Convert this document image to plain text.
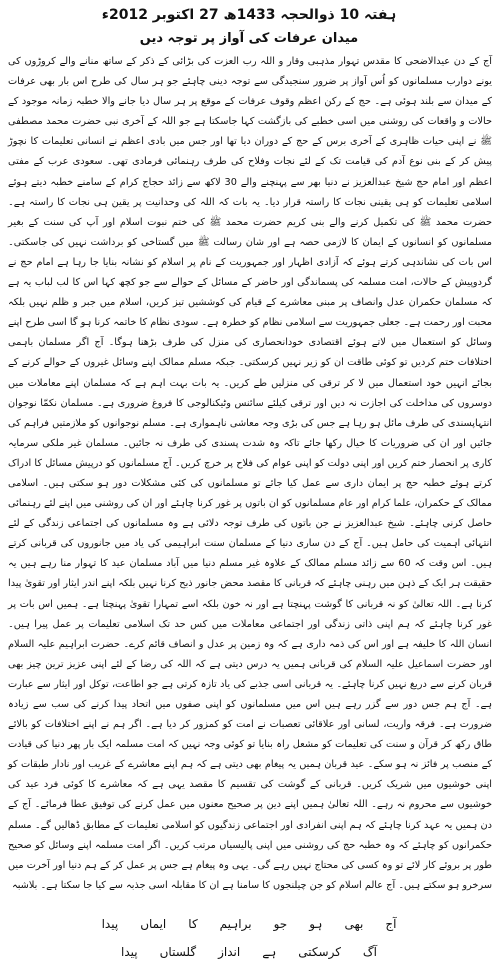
ہفتہ 10 ذوالحجہ 1433ھ 27 اکتوبر 2012ء
میدان عرفات کی آواز پر توجہ دیں

آج کے دن عیدالاضحی کا مقدس تہوار مذہبی وقار و اللہ رب العزت کی بڑائی کے ذکر کے ساتھ منانے والے کروڑوں کی یونے دوارب مسلمانوں کو اُس آواز پر ضرور سنجیدگی سے توجہ دینی چاہئے جو ہر سال کی طرح اس بار بھی عرفات کے میدان سے بلند ہوئی ہے۔ حج کے رکن اعظم وقوف عرفات کے موقع پر ہر سال دیا جانے والا خطبہ زمانہ موجود کے حالات و واقعات کی روشنی میں اسی خطبے کی بازگشت کہا جاسکتا ہے جو اللہ کے آخری نبی حضرت محمد مصطفی ﷺ نے اپنی حیات ظاہری کے آخری برس کے حج کے دوران دیا تھا اور جس میں بادی اعظم نے انسانی تعلیمات کا نچوڑ پیش کر کے بنی نوع آدم کی قیامت تک کے لئے نجات وفلاح کی طرف رہنمائی فرمادی تھی۔ سعودی عرب کے مفتی اعظم اور امام حج شیخ عبدالعزیز نے دنیا بھر سے پہنچنے والے 30 لاکھ سے زائد حجاج کرام کے سامنے خطبہ دیتے ہوئے اسلامی تعلیمات کو ہی یقینی نجات کا راستہ قرار دیا۔ یہ بات کہ اللہ کی وحدانیت پر یقین ہی نجات کا راستہ ہے۔ حضرت محمد ﷺ کی تکمیل کرنے والے بنی کریم حضرت محمد ﷺ کی ختم نبوت اسلام اور آپ کی سنت کے بغیر مسلمانوں کو انسانوں کے ایمان کا لازمی حصہ ہے اور شان رسالت ﷺ میں گستاخی کو برداشت نہیں کی جاسکتی۔ اس بات کی نشاندہی کرتے ہوئے کہ آزادی اظہار اور جمہوریت کے نام پر اسلام کو نشانہ بنایا جا رہا ہے امام حج نے گردوپیش کے حالات، امت مسلمہ کی پسماندگی اور حاضر کے مسائل کے حوالے سے جو کچھ کہا اس کا لب لباب یہ ہے کہ مسلمان حکمران عدل وانصاف پر مبنی معاشرے کے قیام کی کوششیں تیز کریں، اسلام میں جبر و ظلم نہیں بلکہ محبت اور رحمت ہے۔ جعلی جمہوریت سے اسلامی نظام کو خطرہ ہے۔ سودی نظام کا خاتمہ کرنا ہو گا اسی طرح اپنے وسائل کو استعمال میں لاتے ہوئے اقتصادی خودانحصاری کی منزل کی طرف بڑھنا ہوگا۔ آج اگر مسلمان باہمی اختلافات ختم کردیں تو کوئی طاقت ان کو زیر نہیں کرسکتی۔ جبکہ مسلم ممالک اپنے وسائل غیروں کے حوالے کرنے کے بجائے انہیں خود استعمال میں لا کر ترقی کی منزلیں طے کریں۔ یہ بات بہت اہم ہے کہ مسلمان اپنے معاملات میں دوسروں کی مداخلت کی اجازت نہ دیں اور ترقی کیلئے سائنس وٹیکنالوجی کا فروغ ضروری ہے۔ مسلمان نکمّا نوجوان انتہاپسندی کی طرف مائل ہو رہا ہے جس کی بڑی وجہ معاشی ناہمواری ہے۔ مسلم نوجوانوں کو ملازمتیں فراہم کی جائیں اور ان کی ضروریات کا خیال رکھا جائے تاکہ وہ شدت پسندی کی طرف نہ جائیں۔ مسلمان غیر ملکی سرمایہ کاری پر انحصار ختم کریں اور اپنی دولت کو اپنی عوام کی فلاح پر خرچ کریں۔ آج مسلمانوں کو درپیش مسائل کا ادراک کرتے ہوئے خطبہ حج پر ایمان داری سے عمل کیا جائے تو مسلمانوں کی کئی مشکلات دور ہو سکتی ہیں۔ اسلامی ممالک کے حکمران، علما کرام اور عام مسلمانوں کو ان باتوں پر غور کرنا چاہئے اور ان کی روشنی میں اپنے لئے رہنمائی حاصل کرنی چاہئے۔ شیخ عبدالعزیز نے جن باتوں کی طرف توجہ دلائی ہے وہ مسلمانوں کی اجتماعی زندگی کے لئے انتہائی اہمیت کی حامل ہیں۔ آج کے دن ساری دنیا کے مسلمان سنت ابراہیمی کی یاد میں جانوروں کی قربانی کرتے ہیں۔ اس وقت کہ 60 سے زائد مسلم ممالک کے علاوہ غیر مسلم دنیا میں آباد مسلمان عید کا تہوار منا رہے ہیں یہ حقیقت ہر ایک کے ذہن میں رہنی چاہئے کہ قربانی کا مقصد محض جانور ذبح کرنا نہیں بلکہ اپنے اندر ایثار اور تقویٰ پیدا کرنا ہے۔ اللہ تعالیٰ کو نہ قربانی کا گوشت پہنچتا ہے اور نہ خون بلکہ اسے تمہارا تقویٰ پہنچتا ہے۔ ہمیں اس بات پر غور کرنا چاہئے کہ ہم اپنی ذاتی زندگی اور اجتماعی معاملات میں کس حد تک اسلامی تعلیمات پر عمل پیرا ہیں۔ انسان اللہ کا خلیفہ ہے اور اس کی ذمہ داری ہے کہ وہ زمین پر عدل و انصاف قائم کرے۔ حضرت ابراہیم علیہ السلام اور حضرت اسماعیل علیہ السلام کی قربانی ہمیں یہ درس دیتی ہے کہ اللہ کی رضا کے لئے اپنی عزیز ترین چیز بھی قربان کرنے سے دریغ نہیں کرنا چاہئے۔ یہ قربانی اسی جذبے کی یاد تازہ کرتی ہے جو اطاعت، توکل اور ایثار سے عبارت ہے۔ آج ہم جس دور سے گزر رہے ہیں اس میں مسلمانوں کو اپنی صفوں میں اتحاد پیدا کرنے کی سب سے زیادہ ضرورت ہے۔ فرقہ واریت، لسانی اور علاقائی تعصبات نے امت کو کمزور کر دیا ہے۔ اگر ہم نے اپنے اختلافات کو بالائے طاق رکھ کر قرآن و سنت کی تعلیمات کو مشعل راہ بنایا تو کوئی وجہ نہیں کہ امت مسلمہ ایک بار پھر دنیا کی قیادت کے منصب پر فائز نہ ہو سکے۔ عید قربان ہمیں یہ پیغام بھی دیتی ہے کہ ہم اپنے معاشرے کے غریب اور نادار طبقات کو اپنی خوشیوں میں شریک کریں۔ قربانی کے گوشت کی تقسیم کا مقصد یہی ہے کہ معاشرے کا کوئی فرد عید کی خوشیوں سے محروم نہ رہے۔ اللہ تعالیٰ ہمیں اپنے دین پر صحیح معنوں میں عمل کرنے کی توفیق عطا فرمائے۔ آج کے دن ہمیں یہ عہد کرنا چاہئے کہ ہم اپنی انفرادی اور اجتماعی زندگیوں کو اسلامی تعلیمات کے مطابق ڈھالیں گے۔ مسلم حکمرانوں کو چاہئے کہ وہ خطبہ حج کی روشنی میں اپنی پالیسیاں مرتب کریں۔ اگر امت مسلمہ اپنے وسائل کو صحیح طور پر بروئے کار لائے تو وہ کسی کی محتاج نہیں رہے گی۔ یہی وہ پیغام ہے جس پر عمل کر کے ہم دنیا اور آخرت میں سرخرو ہو سکتے ہیں۔ آج عالم اسلام کو جن چیلنجوں کا سامنا ہے ان کا مقابلہ اسی جذبہ سے کیا جا سکتا ہے۔ بلاشبہ

آج
بھی
ہو
جو
براہیم
کا
ایماں
پیدا
آگ
کرسکتی
ہے
انداز
گلستاں
پیدا
